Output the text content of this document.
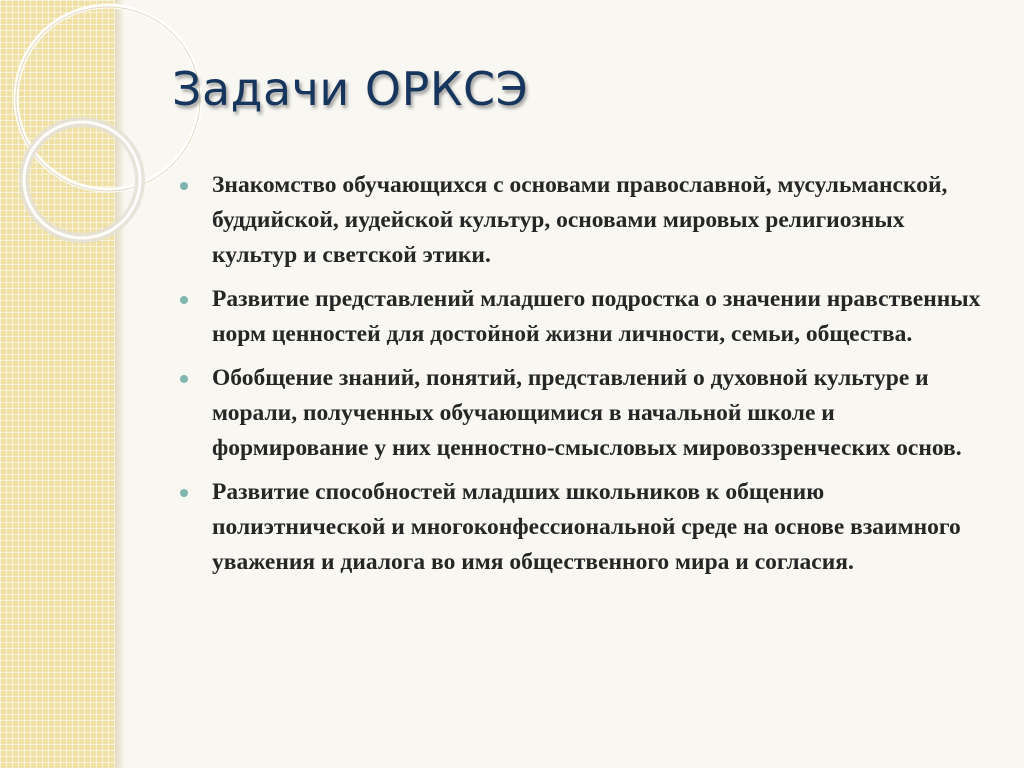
Задачи ОРКСЭ
Знакомство обучающихся с основами православной, мусульманской, буддийской, иудейской культур, основами мировых религиозных культур и светской этики.
Развитие представлений младшего подростка о значении нравственных норм ценностей для достойной жизни личности, семьи, общества.
Обобщение знаний, понятий, представлений о духовной культуре и морали, полученных обучающимися в начальной школе и формирование у них ценностно-смысловых мировоззренческих основ.
Развитие способностей младших школьников к общению полиэтнической и многоконфессиональной среде на основе взаимного уважения и диалога во имя общественного мира и согласия.
